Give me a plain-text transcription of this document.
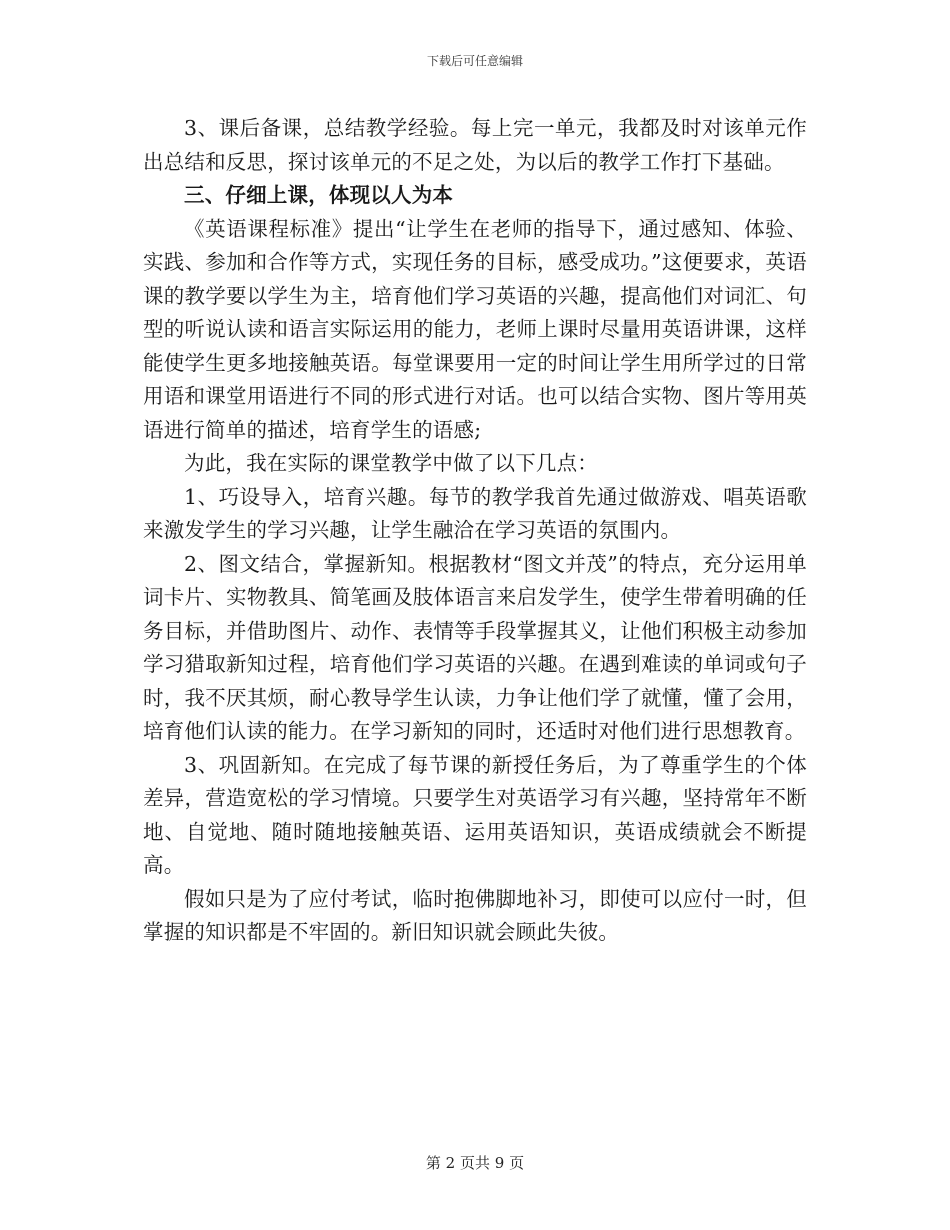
下载后可任意编辑

3、课后备课，总结教学经验。每上完一单元，我都及时对该单元作出总结和反思，探讨该单元的不足之处，为以后的教学工作打下基础。

三、仔细上课，体现以人为本

《英语课程标准》提出“让学生在老师的指导下，通过感知、体验、实践、参加和合作等方式，实现任务的目标，感受成功。”这便要求，英语课的教学要以学生为主，培育他们学习英语的兴趣，提高他们对词汇、句型的听说认读和语言实际运用的能力，老师上课时尽量用英语讲课，这样能使学生更多地接触英语。每堂课要用一定的时间让学生用所学过的日常用语和课堂用语进行不同的形式进行对话。也可以结合实物、图片等用英语进行简单的描述，培育学生的语感;

为此，我在实际的课堂教学中做了以下几点：

1、巧设导入，培育兴趣。每节的教学我首先通过做游戏、唱英语歌来激发学生的学习兴趣，让学生融洽在学习英语的氛围内。

2、图文结合，掌握新知。根据教材“图文并茂”的特点，充分运用单词卡片、实物教具、简笔画及肢体语言来启发学生，使学生带着明确的任务目标，并借助图片、动作、表情等手段掌握其义，让他们积极主动参加学习猎取新知过程，培育他们学习英语的兴趣。在遇到难读的单词或句子时，我不厌其烦，耐心教导学生认读，力争让他们学了就懂，懂了会用，培育他们认读的能力。在学习新知的同时，还适时对他们进行思想教育。

3、巩固新知。在完成了每节课的新授任务后，为了尊重学生的个体差异，营造宽松的学习情境。只要学生对英语学习有兴趣，坚持常年不断地、自觉地、随时随地接触英语、运用英语知识，英语成绩就会不断提高。

假如只是为了应付考试，临时抱佛脚地补习，即使可以应付一时，但掌握的知识都是不牢固的。新旧知识就会顾此失彼。

第 2 页共 9 页
